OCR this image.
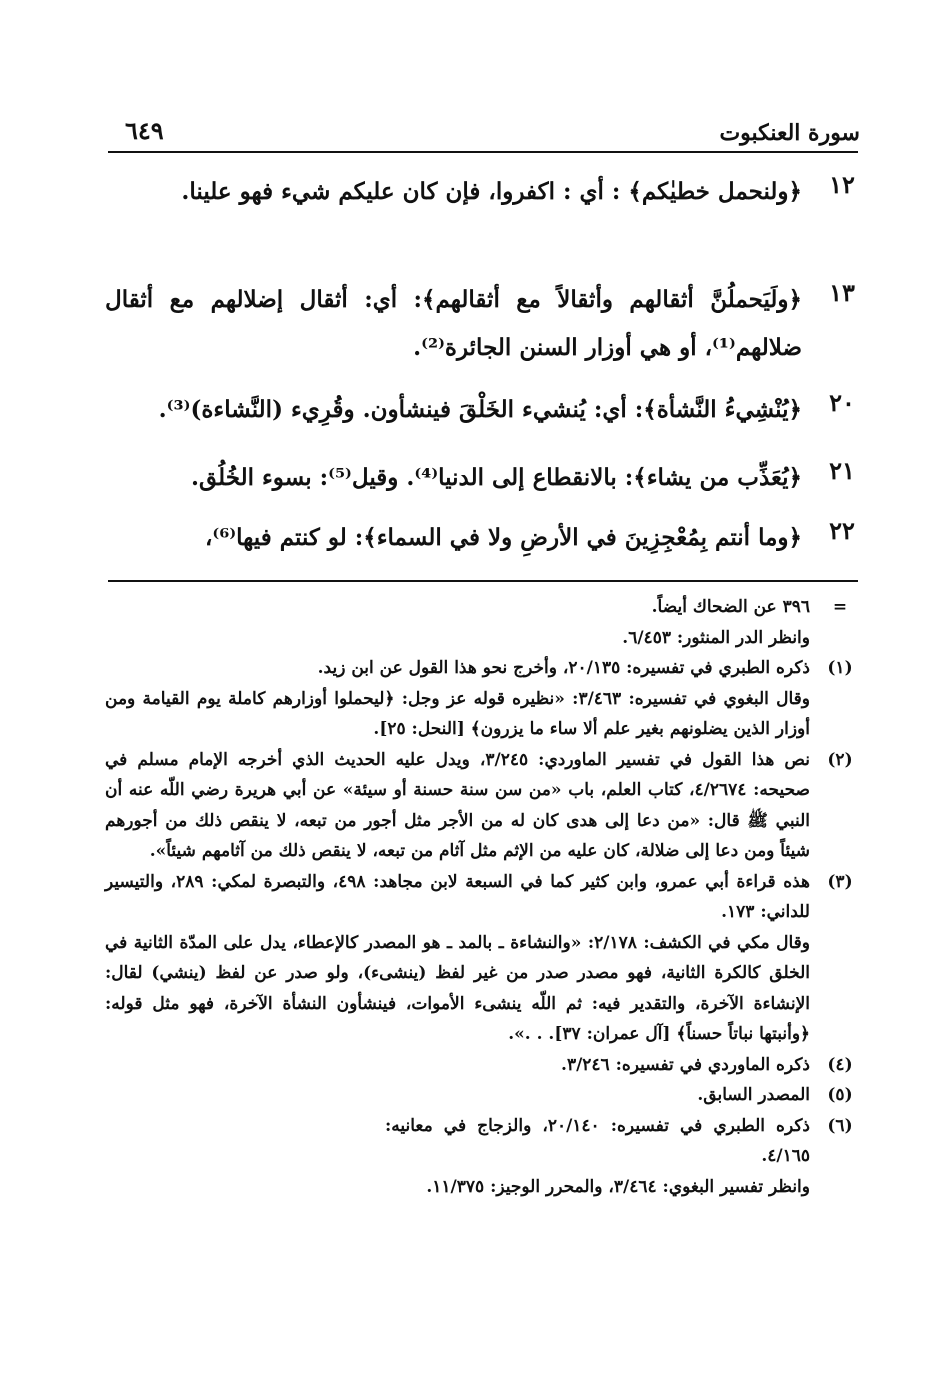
سورة العنكبوت
٦٤٩
١٢
﴿ولنحمل خطيٰكم﴾ : أي : اكفروا، فإن كان عليكم شيء فهو علينا.
١٣
﴿ولَيَحملُنَّ أثقالهم وأثقالاً مع أثقالهم﴾: أي: أثقال إضلالهم مع أثقال ضلالهم⁽¹⁾، أو هي أوزار السنن الجائرة⁽²⁾.
٢٠
﴿يُنْشِيءُ النَّشأة﴾: أي: يُنشيء الخَلْقَ فينشأون. وقُرِيء (النَّشاءة)⁽³⁾.
٢١
﴿يُعَذِّب من يشاء﴾: بالانقطاع إلى الدنيا⁽⁴⁾. وقيل⁽⁵⁾: بسوء الخُلُق.
٢٢
﴿وما أنتم بِمُعْجِزِينَ في الأرضِ ولا في السماء﴾: لو كنتم فيها⁽⁶⁾،
=
٣٩٦ عن الضحاك أيضاً.
وانظر الدر المنثور: ٦/٤٥٣.
(١)
ذكره الطبري في تفسيره: ٢٠/١٣٥، وأخرج نحو هذا القول عن ابن زيد.
وقال البغوي في تفسيره: ٣/٤٦٣: «نظيره قوله عز وجل: ﴿ليحملوا أوزارهم كاملة يوم القيامة ومن أوزار الذين يضلونهم بغير علم ألا ساء ما يزرون﴾ [النحل: ٢٥].
(٢)
نص هذا القول في تفسير الماوردي: ٣/٢٤٥، ويدل عليه الحديث الذي أخرجه الإمام مسلم في صحيحه: ٤/٢٦٧٤، كتاب العلم، باب «من سن سنة حسنة أو سيئة» عن أبي هريرة رضي اللّه عنه أن النبي ﷺ قال: «من دعا إلى هدى كان له من الأجر مثل أجور من تبعه، لا ينقص ذلك من أجورهم شيئاً ومن دعا إلى ضلالة، كان عليه من الإثم مثل آثام من تبعه، لا ينقص ذلك من آثامهم شيئاً».
(٣)
هذه قراءة أبي عمرو، وابن كثير كما في السبعة لابن مجاهد: ٤٩٨، والتبصرة لمكي: ٢٨٩، والتيسير للداني: ١٧٣.
وقال مكي في الكشف: ٢/١٧٨: «والنشاءة ـ بالمد ـ هو المصدر كالإعطاء، يدل على المدّة الثانية في الخلق كالكرة الثانية، فهو مصدر صدر من غير لفظ (ينشىء)، ولو صدر عن لفظ (ينشي) لقال: الإنشاءة الآخرة، والتقدير فيه: ثم اللّه ينشىء الأموات، فينشأون النشأة الآخرة، فهو مثل قوله: ﴿وأنبتها نباتاً حسناً﴾ [آل عمران: ٣٧]. . .».
(٤)
ذكره الماوردي في تفسيره: ٣/٢٤٦.
(٥)
المصدر السابق.
(٦)
ذكره الطبري في تفسيره: ٢٠/١٤٠، والزجاج في معانيه: ٤/١٦٥.
وانظر تفسير البغوي: ٣/٤٦٤، والمحرر الوجيز: ١١/٣٧٥.
